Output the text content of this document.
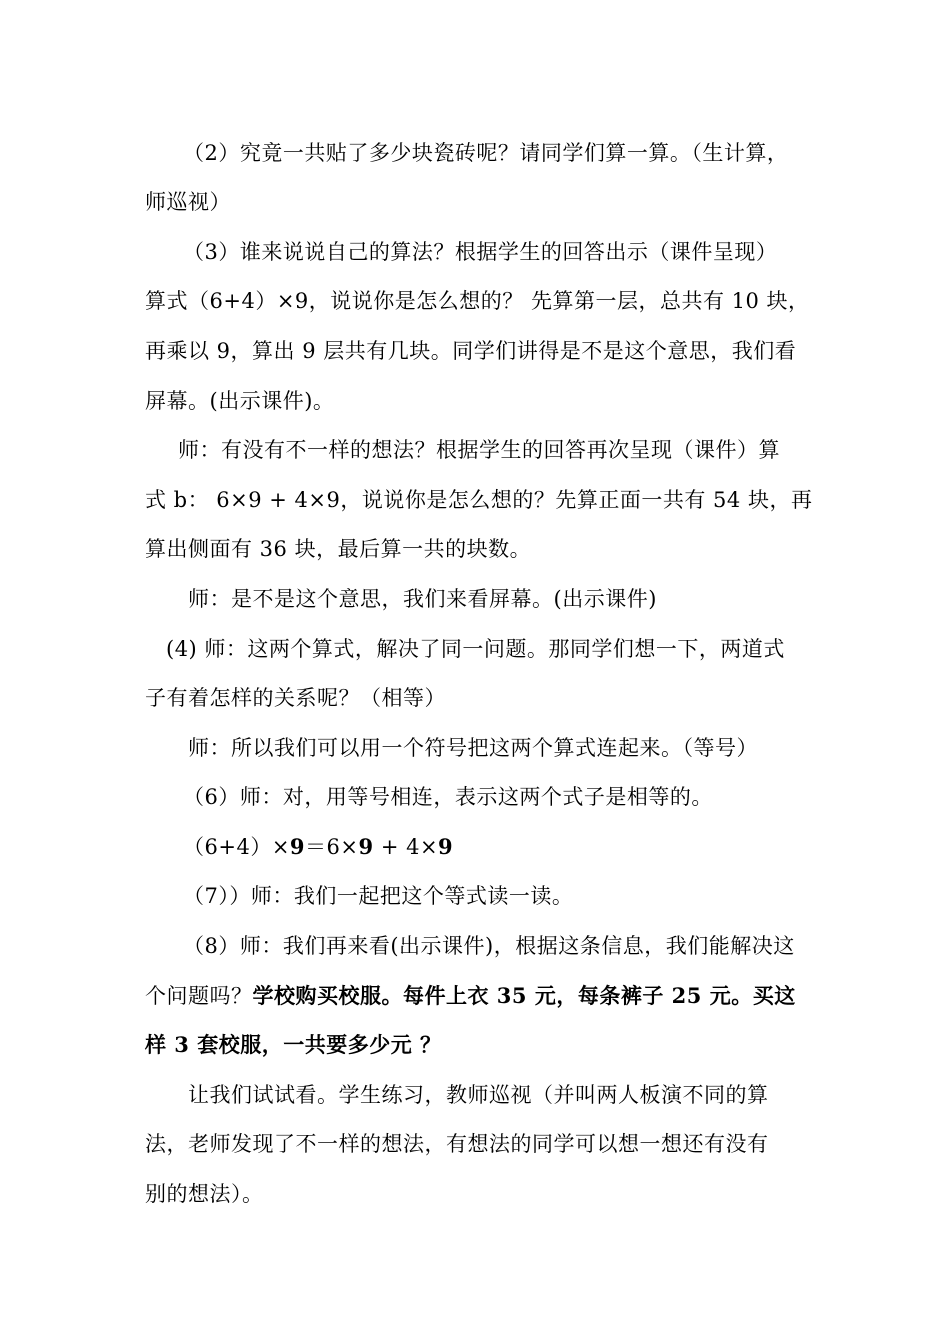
（2）究竟一共贴了多少块瓷砖呢？请同学们算一算。（生计算，
师巡视）
（3）谁来说说自己的算法？根据学生的回答出示（课件呈现）
算式（6+4）×9，说说你是怎么想的？ 先算第一层，总共有 10 块，
再乘以 9，算出 9 层共有几块。同学们讲得是不是这个意思，我们看
屏幕。(出示课件)。
师：有没有不一样的想法？根据学生的回答再次呈现（课件）算
式 b： 6×9 + 4×9，说说你是怎么想的？先算正面一共有 54 块，再
算出侧面有 36 块，最后算一共的块数。
师：是不是这个意思，我们来看屏幕。(出示课件)
(4) 师：这两个算式，解决了同一问题。那同学们想一下，两道式
子有着怎样的关系呢？（相等）
师：所以我们可以用一个符号把这两个算式连起来。（等号）
（6）师：对，用等号相连，表示这两个式子是相等的。
（6+4）×9＝6×9 + 4×9
（7））师：我们一起把这个等式读一读。
（8）师：我们再来看(出示课件)，根据这条信息，我们能解决这
个问题吗？学校购买校服。每件上衣 35 元，每条裤子 25 元。买这
样 3 套校服，一共要多少元 ？
让我们试试看。学生练习，教师巡视（并叫两人板演不同的算
法，老师发现了不一样的想法，有想法的同学可以想一想还有没有
别的想法）。
